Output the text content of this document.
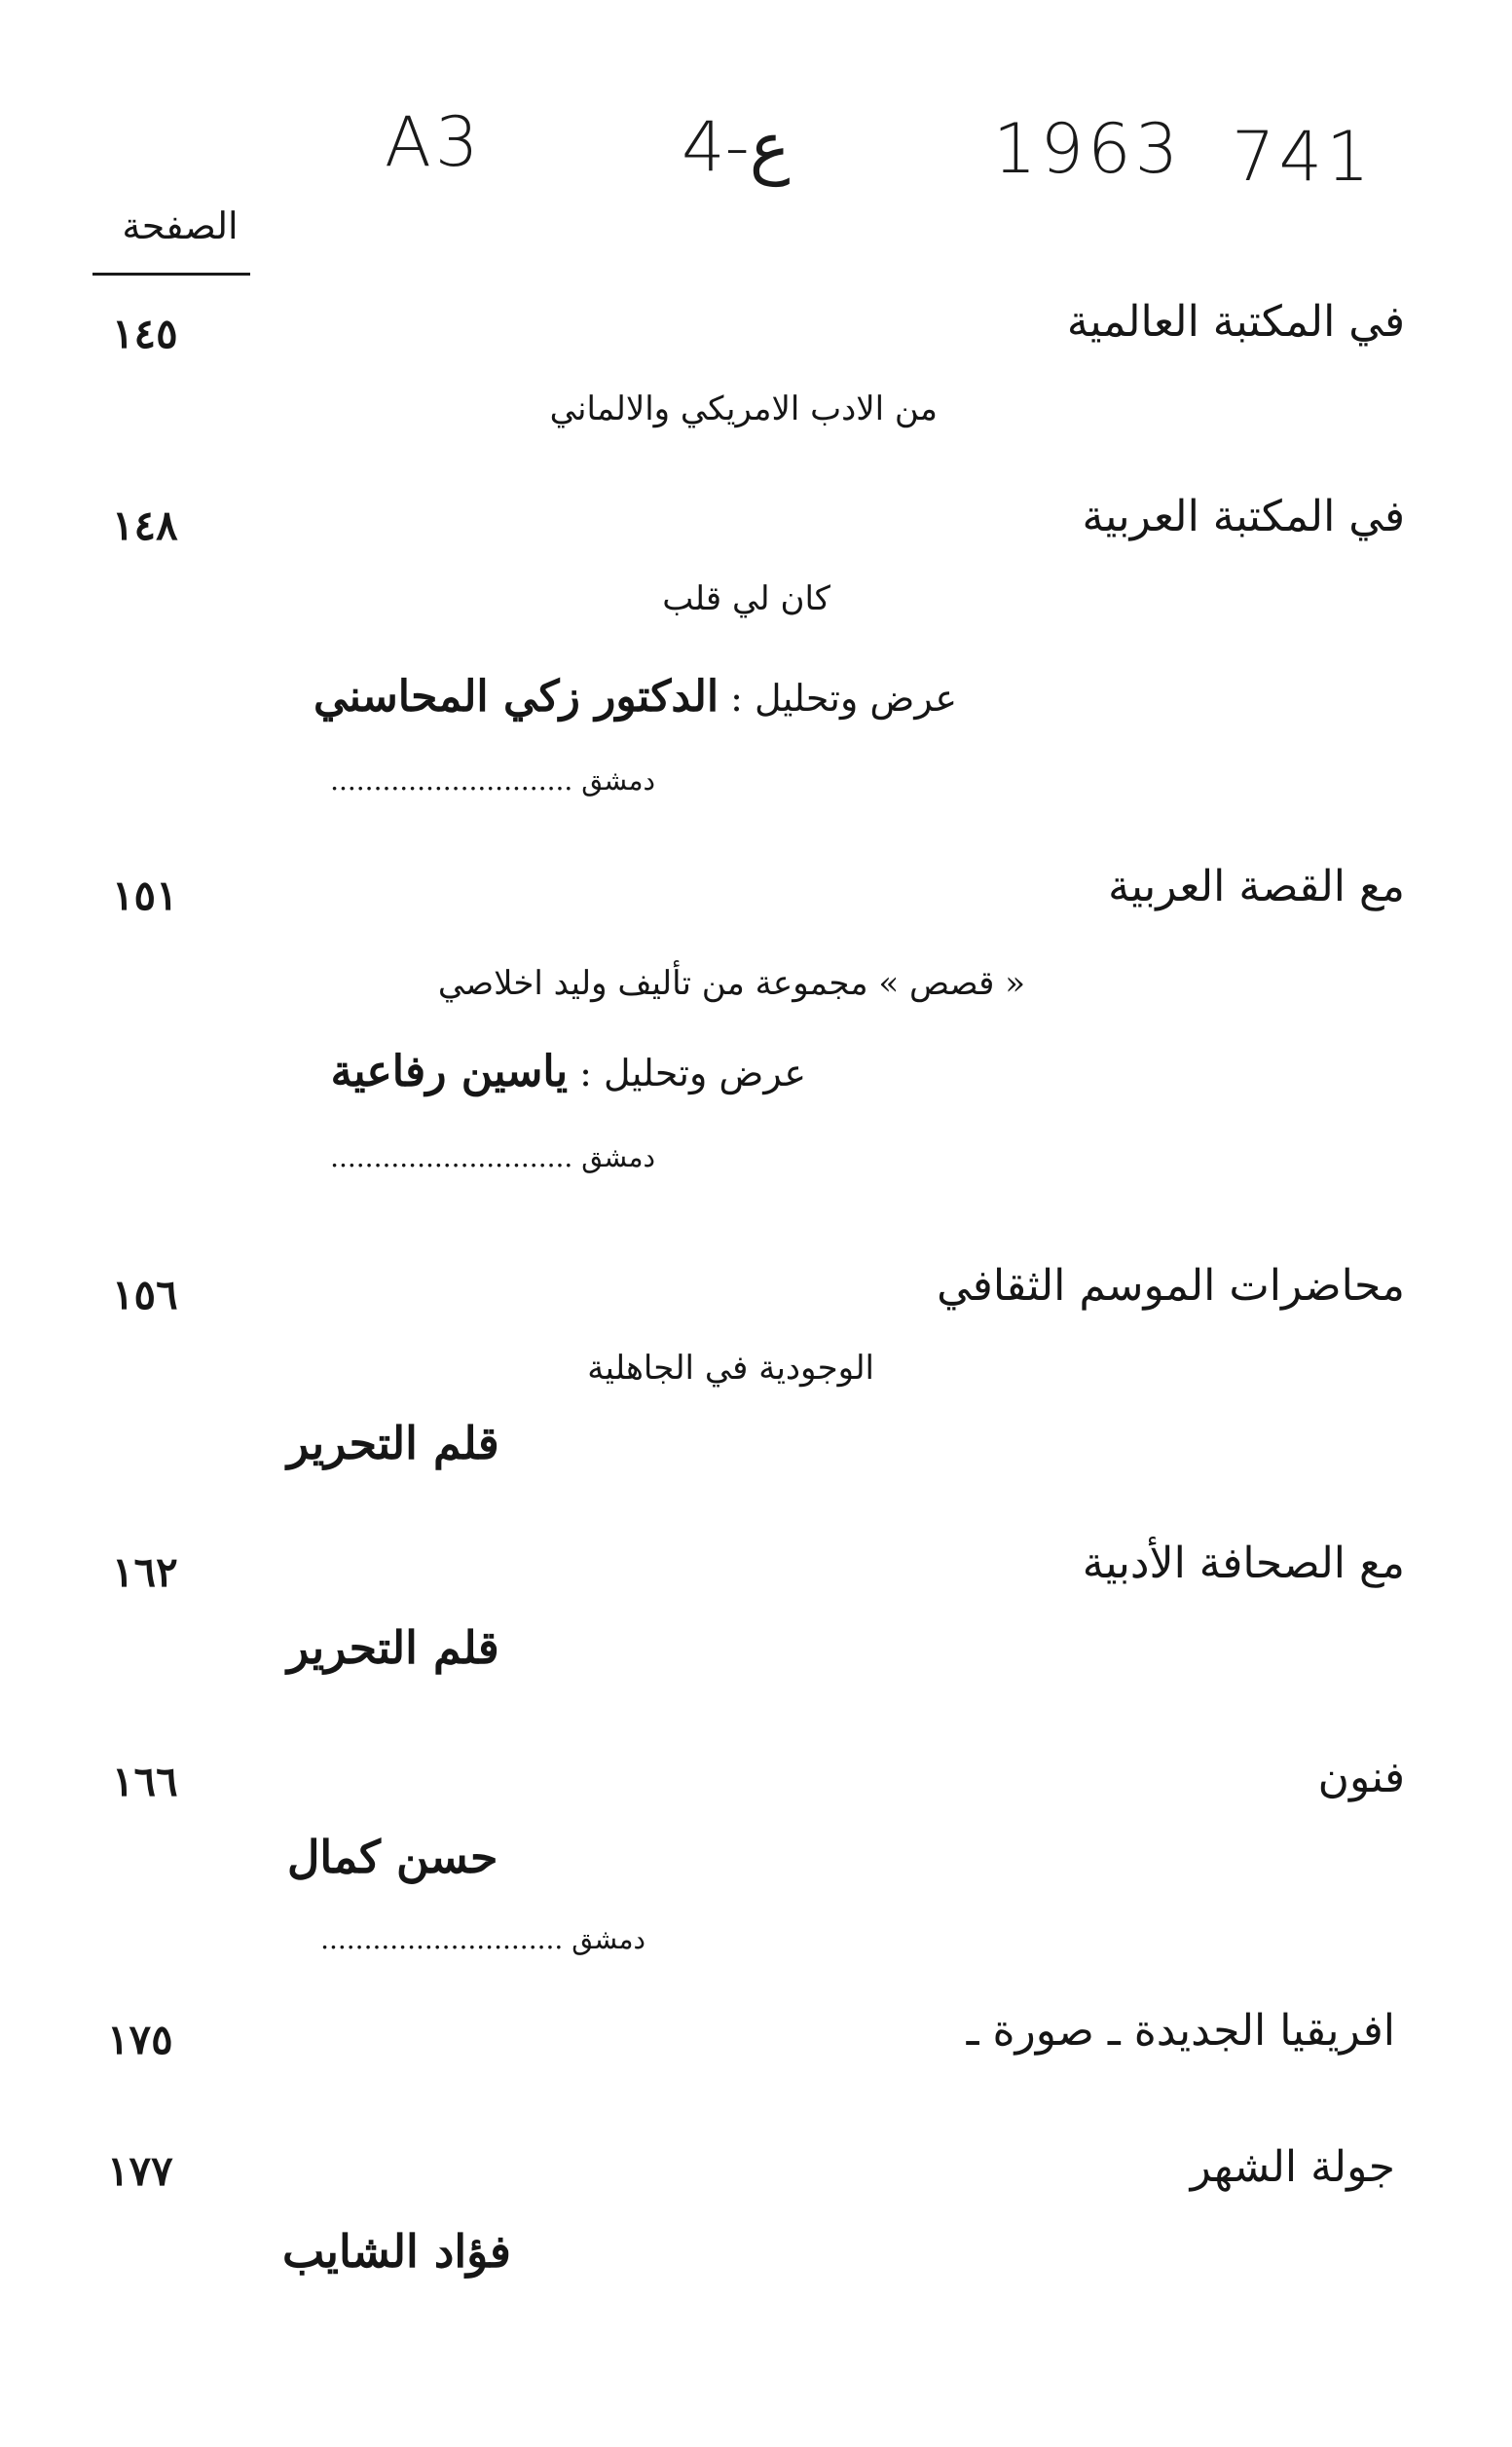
A3	4-ع	1963 741
الصفحة
في المكتبة العالمية
١٤٥
من الادب الامريكي والالماني
في المكتبة العربية
١٤٨
كان لي قلب
عرض وتحليل : الدكتور زكي المحاسني
دمشق ............................
مع القصة العربية
١٥١
« قصص » مجموعة من تأليف وليد اخلاصي
عرض وتحليل : ياسين رفاعية
دمشق ............................
محاضرات الموسم الثقافي
١٥٦
الوجودية في الجاهلية
قلم التحرير
مع الصحافة الأدبية
١٦٢
قلم التحرير
فنون
١٦٦
حسن كمال
دمشق ............................
افريقيا الجديدة ـ صورة ـ
١٧٥
جولة الشهر
١٧٧
فؤاد الشايب
